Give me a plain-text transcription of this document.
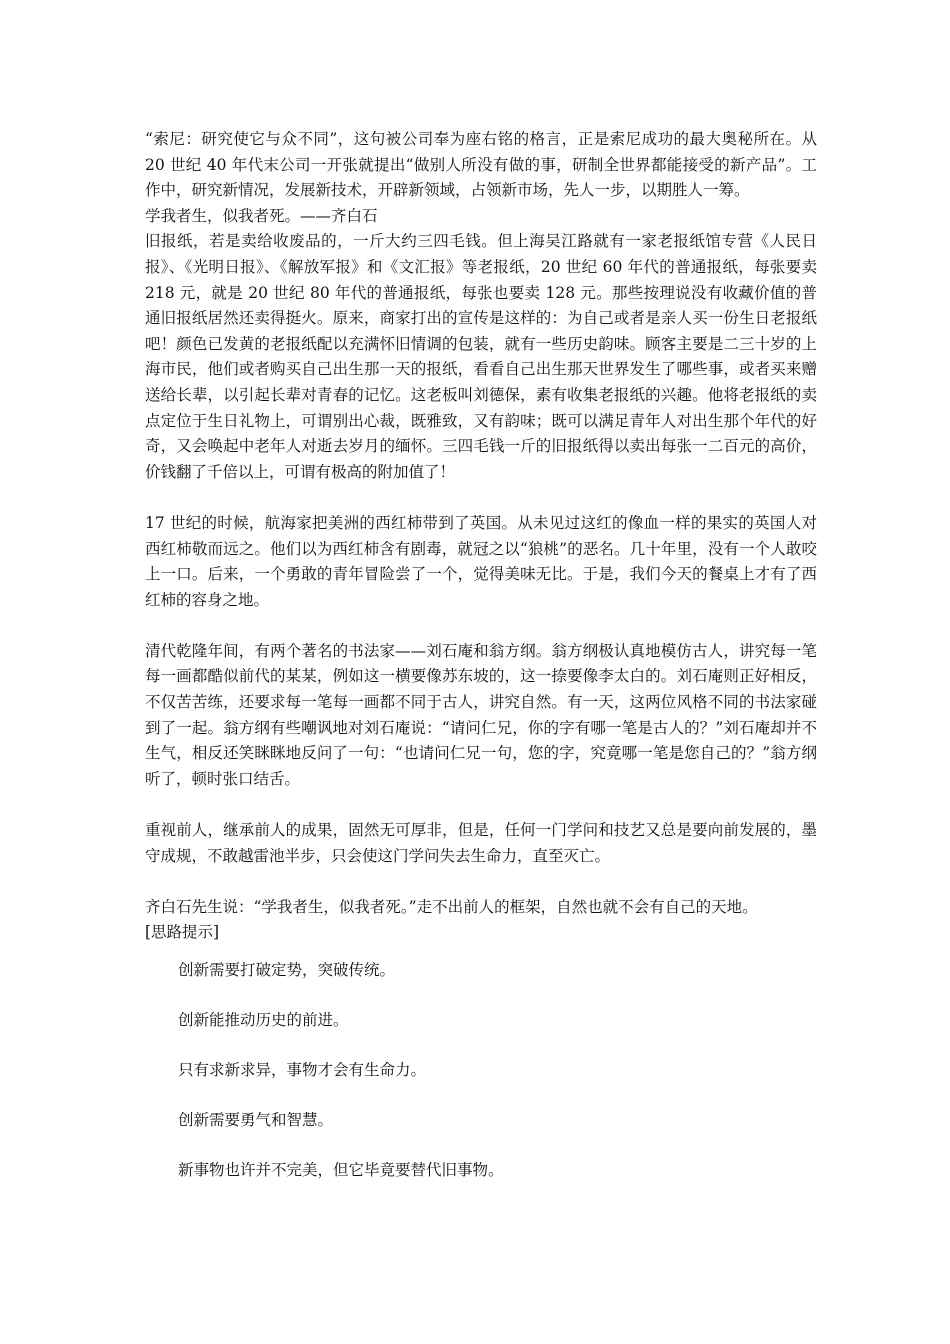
“索尼：研究使它与众不同”，这句被公司奉为座右铭的格言，正是索尼成功的最大奥秘所在。从 20 世纪 40 年代末公司一开张就提出“做别人所没有做的事，研制全世界都能接受的新产品”。工作中，研究新情况，发展新技术，开辟新领域，占领新市场，先人一步，以期胜人一筹。

学我者生，似我者死。——齐白石

旧报纸，若是卖给收废品的，一斤大约三四毛钱。但上海吴江路就有一家老报纸馆专营《人民日报》、《光明日报》、《解放军报》和《文汇报》等老报纸，20 世纪 60 年代的普通报纸，每张要卖 218 元，就是 20 世纪 80 年代的普通报纸，每张也要卖 128 元。那些按理说没有收藏价值的普通旧报纸居然还卖得挺火。原来，商家打出的宣传是这样的：为自己或者是亲人买一份生日老报纸吧！颜色已发黄的老报纸配以充满怀旧情调的包装，就有一些历史韵味。顾客主要是二三十岁的上海市民，他们或者购买自己出生那一天的报纸，看看自己出生那天世界发生了哪些事，或者买来赠送给长辈，以引起长辈对青春的记忆。这老板叫刘德保，素有收集老报纸的兴趣。他将老报纸的卖点定位于生日礼物上，可谓别出心裁，既雅致，又有韵味；既可以满足青年人对出生那个年代的好奇，又会唤起中老年人对逝去岁月的缅怀。三四毛钱一斤的旧报纸得以卖出每张一二百元的高价，价钱翻了千倍以上，可谓有极高的附加值了！

17 世纪的时候，航海家把美洲的西红柿带到了英国。从未见过这红的像血一样的果实的英国人对西红柿敬而远之。他们以为西红柿含有剧毒，就冠之以“狼桃”的恶名。几十年里，没有一个人敢咬上一口。后来，一个勇敢的青年冒险尝了一个，觉得美味无比。于是，我们今天的餐桌上才有了西红柿的容身之地。

清代乾隆年间，有两个著名的书法家——刘石庵和翁方纲。翁方纲极认真地模仿古人，讲究每一笔每一画都酷似前代的某某，例如这一横要像苏东坡的，这一捺要像李太白的。刘石庵则正好相反，不仅苦苦练，还要求每一笔每一画都不同于古人，讲究自然。有一天，这两位风格不同的书法家碰到了一起。翁方纲有些嘲讽地对刘石庵说：“请问仁兄，你的字有哪一笔是古人的？”刘石庵却并不生气，相反还笑眯眯地反问了一句：“也请问仁兄一句，您的字，究竟哪一笔是您自己的？”翁方纲听了，顿时张口结舌。

重视前人，继承前人的成果，固然无可厚非，但是，任何一门学问和技艺又总是要向前发展的，墨守成规，不敢越雷池半步，只会使这门学问失去生命力，直至灭亡。

齐白石先生说：“学我者生，似我者死。”走不出前人的框架，自然也就不会有自己的天地。

[思路提示]

创新需要打破定势，突破传统。
创新能推动历史的前进。
只有求新求异，事物才会有生命力。
创新需要勇气和智慧。
新事物也许并不完美，但它毕竟要替代旧事物。
